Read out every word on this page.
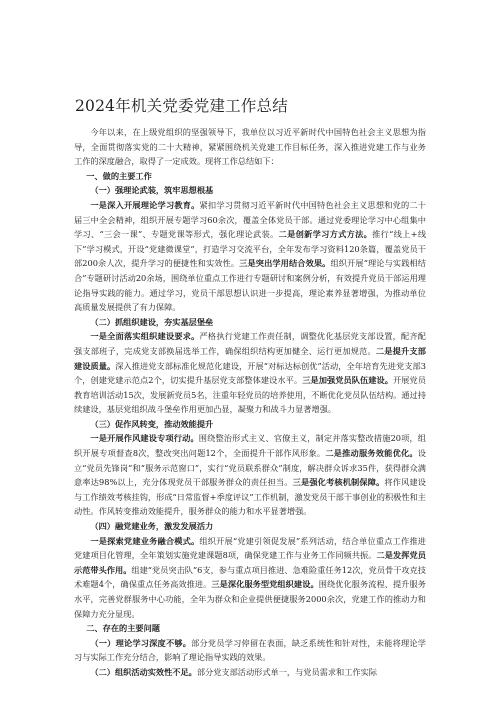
2024年机关党委党建工作总结

今年以来，在上级党组织的坚强领导下，我单位以习近平新时代中国特色社会主义思想为指导，全面贯彻落实党的二十大精神，紧紧围绕机关党建工作目标任务，深入推进党建工作与业务工作的深度融合，取得了一定成效。现将工作总结如下：

一、做的主要工作

（一）强理论武装，筑牢思想根基

一是深入开展理论学习教育。紧扣学习贯彻习近平新时代中国特色社会主义思想和党的二十届三中全会精神，组织开展专题学习60余次，覆盖全体党员干部。通过党委理论学习中心组集中学习、“三会一课”、专题党课等形式，强化理论武装。二是创新学习方式方法。推行“线上+线下”学习模式，开设“党建微课堂”，打造学习交流平台，全年发布学习资料120条篇，覆盖党员干部200余人次，提升学习的便捷性和实效性。三是突出学用结合效果。组织开展“理论与实践相结合”专题研讨活动20余场，围绕单位重点工作进行专题研讨和案例分析，有效提升党员干部运用理论指导实践的能力。通过学习，党员干部思想认识进一步提高，理论素养显著增强，为推动单位高质量发展提供了有力保障。

（二）抓组织建设，夯实基层堡垒

一是全面落实组织建设要求。严格执行党建工作责任制，调整优化基层党支部设置，配齐配强支部班子，完成党支部换届选举工作，确保组织结构更加健全、运行更加规范。二是提升支部建设质量。深入推进党支部标准化规范化建设，开展“对标达标创优”活动，全年培育先进党支部3个，创建党建示范点2个，切实提升基层党支部整体建设水平。三是加强党员队伍建设。开展党员教育培训活动15次，发展新党员5名，注重年轻党员的培养使用，不断优化党员队伍结构。通过持续建设，基层党组织战斗堡垒作用更加凸显，凝聚力和战斗力显著增强。

（三）促作风转变，推动效能提升

一是开展作风建设专项行动。围绕整治形式主义、官僚主义，制定并落实整改措施20项，组织开展专项督查8次，整改突出问题12个，全面提升干部作风形象。二是推动服务效能优化。设立“党员先锋岗”和“服务示范窗口”，实行“党员联系群众”制度，解决群众诉求35件，获得群众满意率达98%以上，充分体现党员干部服务群众的责任担当。三是强化考核机制保障。将作风建设与工作绩效考核挂钩，形成“日常监督+季度评议”工作机制，激发党员干部干事创业的积极性和主动性。作风转变推动效能提升，服务群众的能力和水平显著增强。

（四）融党建业务，激发发展活力

一是探索党建业务融合模式。组织开展“党建引领促发展”系列活动，结合单位重点工作推进党建项目化管理，全年策划实施党建课题8项，确保党建工作与业务工作同频共振。二是发挥党员示范带头作用。组建“党员突击队”6支，参与重点项目推进、急难险重任务12次，党员骨干攻克技术难题4个，确保重点任务高效推进。三是深化服务型党组织建设。围绕优化服务流程、提升服务水平，完善党群服务中心功能，全年为群众和企业提供便捷服务2000余次，党建工作的推动力和保障力充分显现。

二、存在的主要问题

（一）理论学习深度不够。部分党员学习停留在表面，缺乏系统性和针对性，未能将理论学习与实际工作充分结合，影响了理论指导实践的效果。

（二）组织活动实效性不足。部分党支部活动形式单一，与党员需求和工作实际
